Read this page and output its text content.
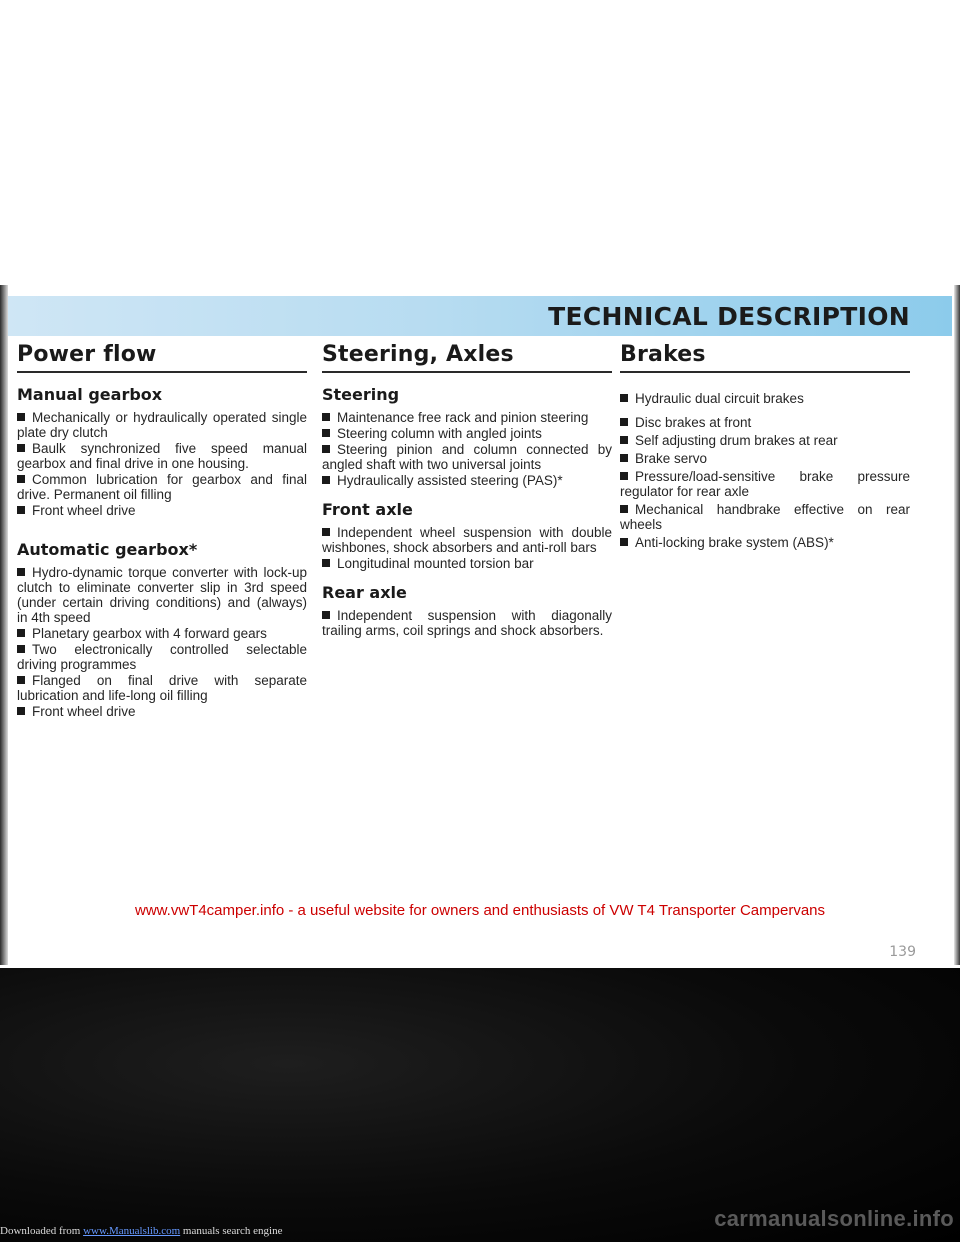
TECHNICAL DESCRIPTION
Power flow
Manual gearbox
Mechanically or hydraulically operated single plate dry clutch
Baulk synchronized five speed manual gearbox and final drive in one housing.
Common lubrication for gearbox and final drive. Permanent oil filling
Front wheel drive
Automatic gearbox*
Hydro-dynamic torque converter with lock-up clutch to eliminate converter slip in 3rd speed (under certain driving conditions) and (always) in 4th speed
Planetary gearbox with 4 forward gears
Two electronically controlled selectable driving programmes
Flanged on final drive with separate lubrication and life-long oil filling
Front wheel drive
Steering, Axles
Steering
Maintenance free rack and pinion steering
Steering column with angled joints
Steering pinion and column connected by angled shaft with two universal joints
Hydraulically assisted steering (PAS)*
Front axle
Independent wheel suspension with double wishbones, shock absorbers and anti-roll bars
Longitudinal mounted torsion bar
Rear axle
Independent suspension with diagonally trailing arms, coil springs and shock absorbers.
Brakes
Hydraulic dual circuit brakes
Disc brakes at front
Self adjusting drum brakes at rear
Brake servo
Pressure/load-sensitive brake pressure regulator for rear axle
Mechanical handbrake effective on rear wheels
Anti-locking brake system (ABS)*
www.vwT4camper.info - a useful website for owners and enthusiasts of VW T4 Transporter Campervans
139
Downloaded from www.Manualslib.com manuals search engine	carmanualsonline.info
